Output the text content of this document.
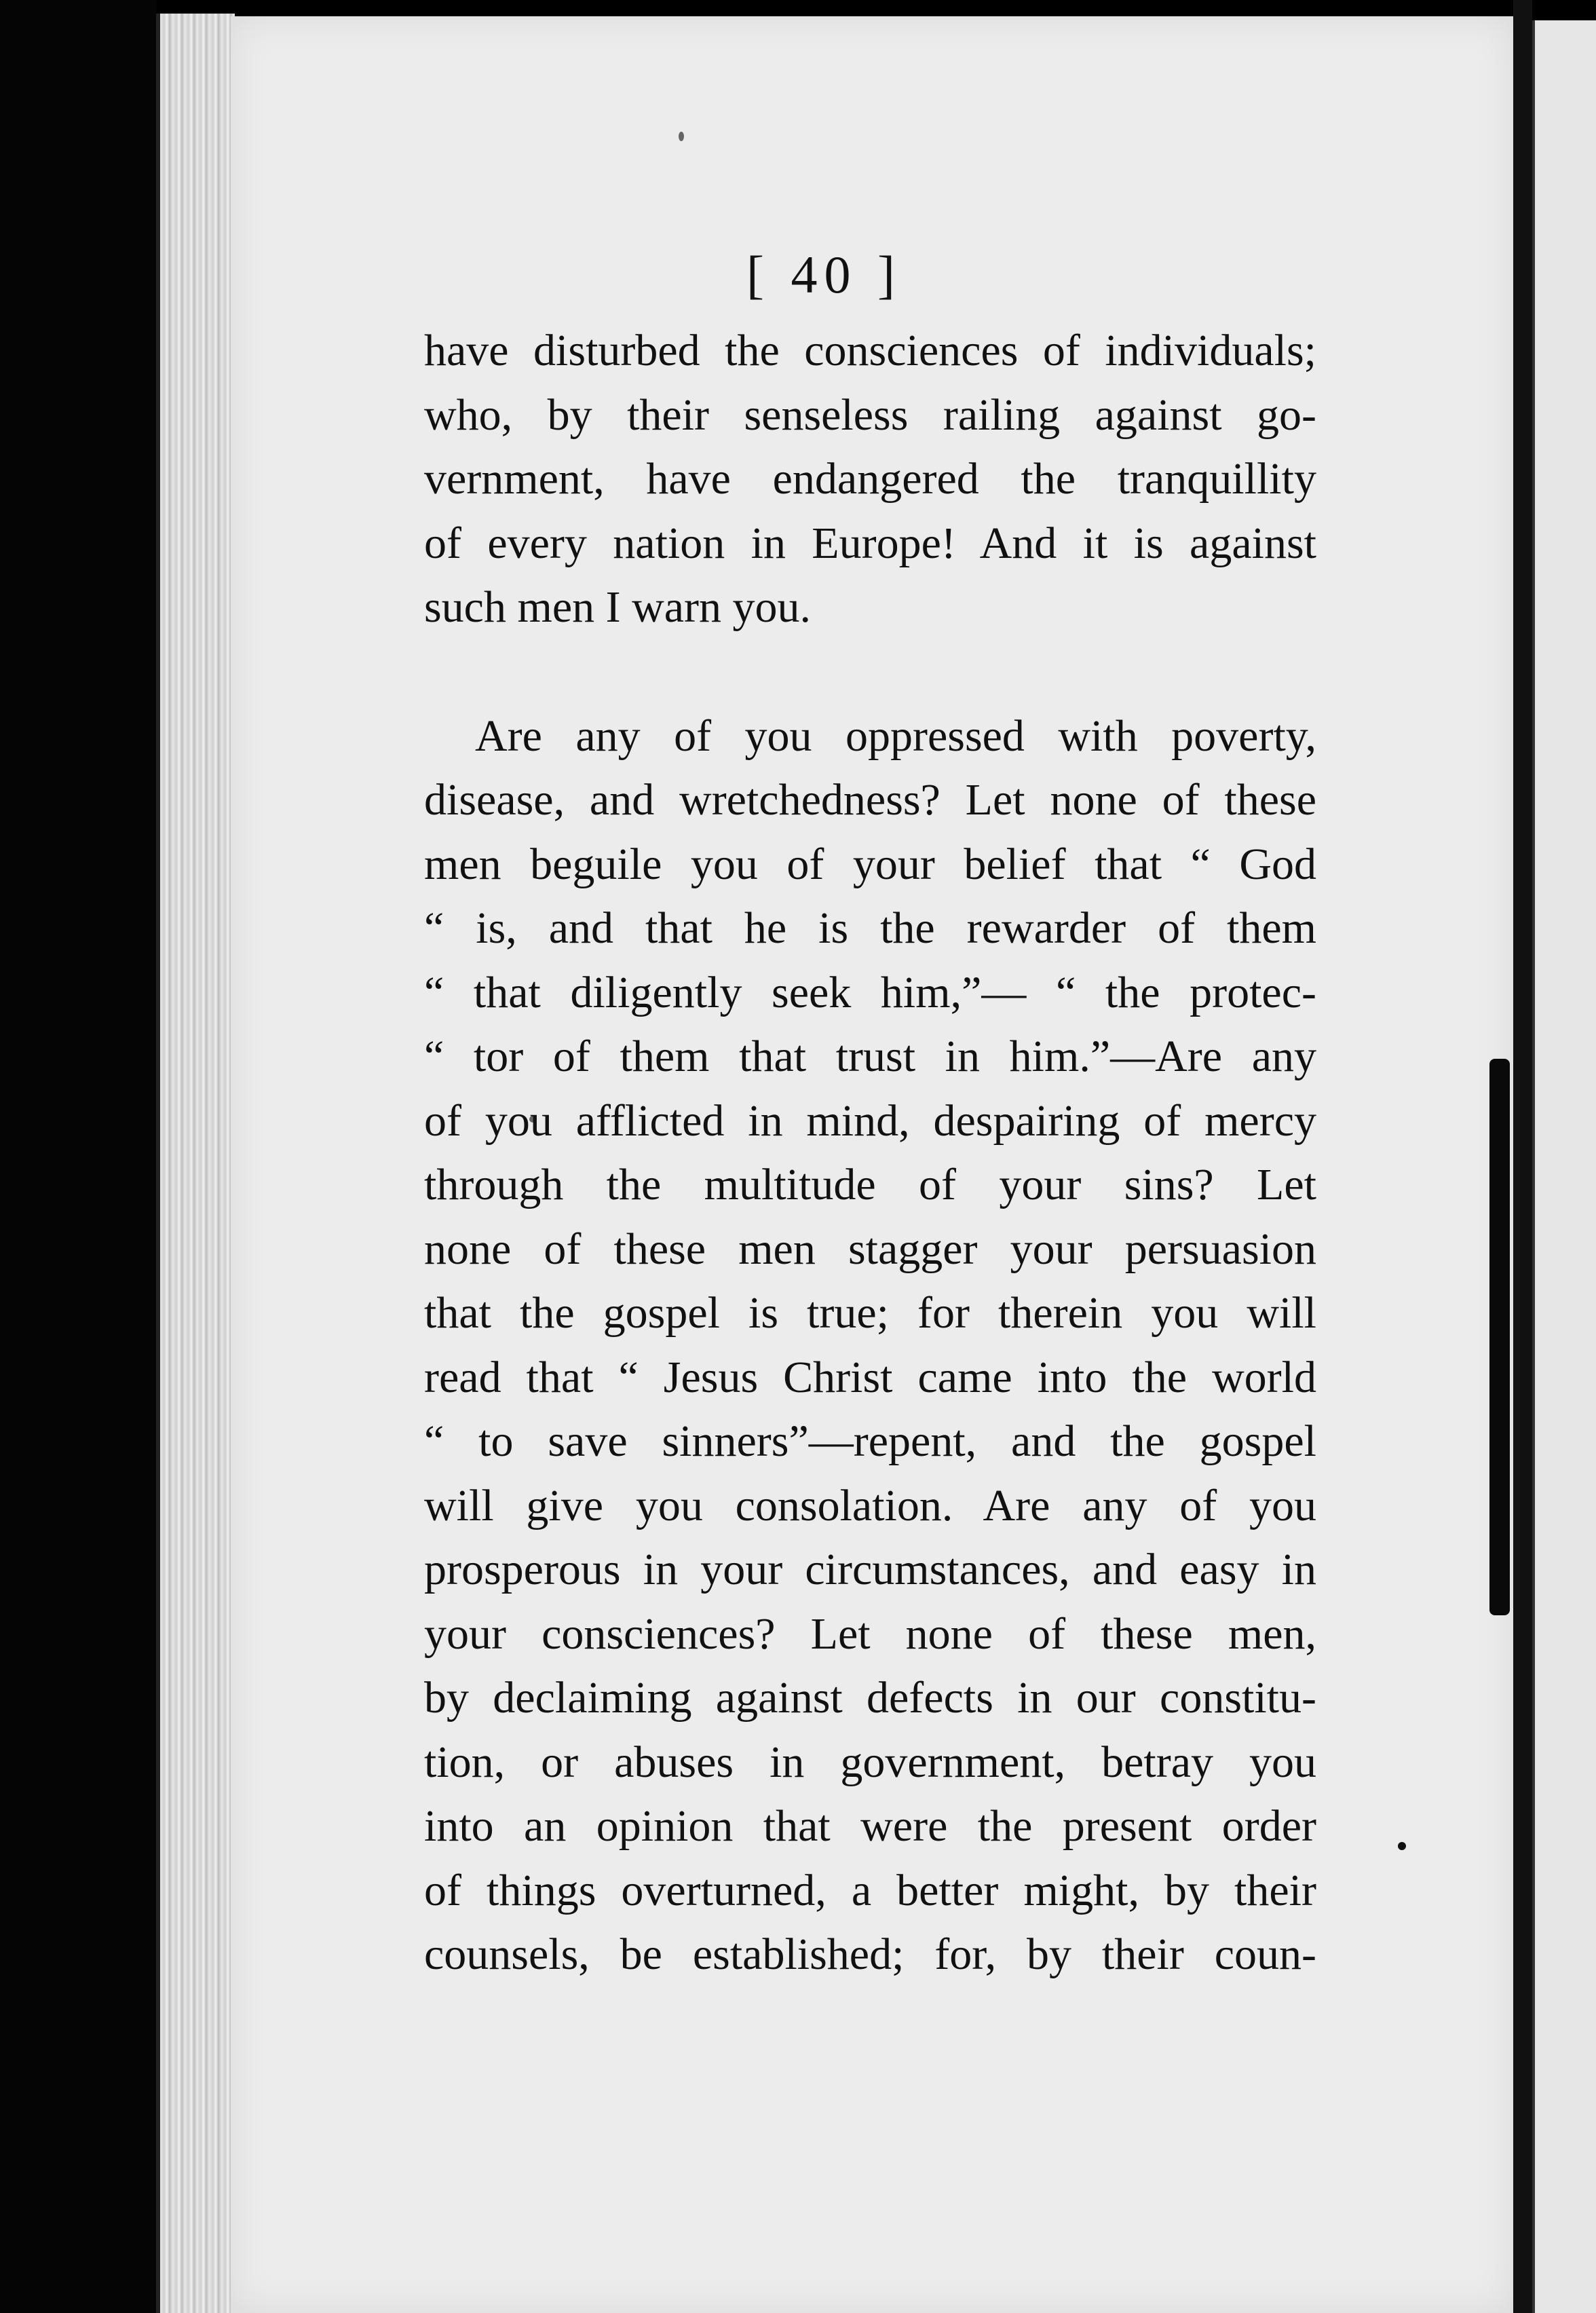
[ 40 ]
have disturbed the consciences of individuals;
who, by their senseless railing against go-
vernment, have endangered the tranquillity
of every nation in Europe! And it is against
such men I warn you.
Are any of you oppressed with poverty,
disease, and wretchedness? Let none of these
men beguile you of your belief that “ God
“ is, and that he is the rewarder of them
“ that diligently seek him,”— “ the protec-
“ tor of them that trust in him.”—Are any
of you afflicted in mind, despairing of mercy
through the multitude of your sins? Let
none of these men stagger your persuasion
that the gospel is true; for therein you will
read that “ Jesus Christ came into the world
“ to save sinners”—repent, and the gospel
will give you consolation. Are any of you
prosperous in your circumstances, and easy in
your consciences? Let none of these men,
by declaiming against defects in our constitu-
tion, or abuses in government, betray you
into an opinion that were the present order
of things overturned, a better might, by their
counsels, be established; for, by their coun-
